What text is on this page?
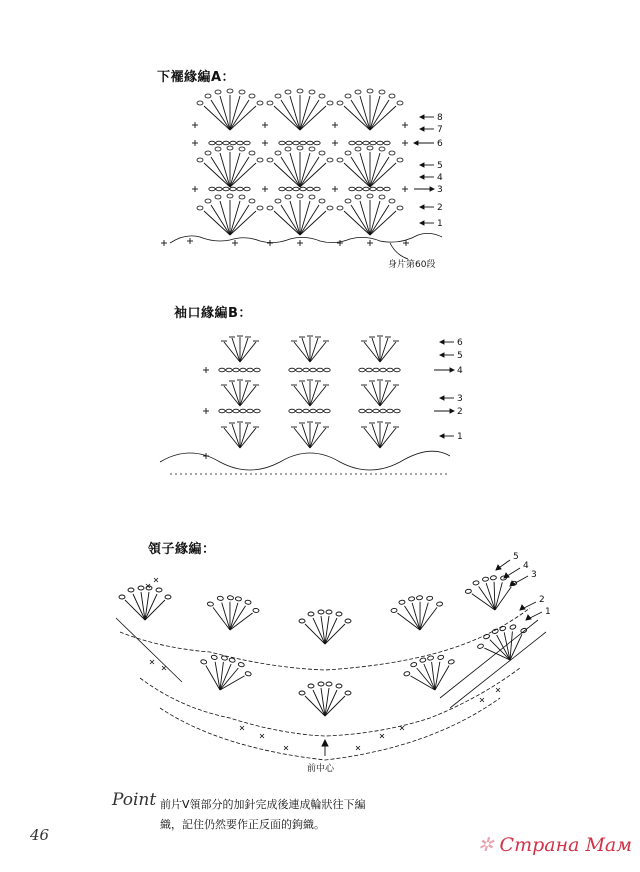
下襬緣編A：
8
7
6
5
4
3
2
1
身片第60段
袖口緣編B：
6
5
4
3
2
1
領子緣編：	5
4
3
2
1
前中心
Point 前片V領部分的加針完成後連成輪狀往下編
織，記住仍然要作正反面的鉤織。
46	✲ Страна Мам
